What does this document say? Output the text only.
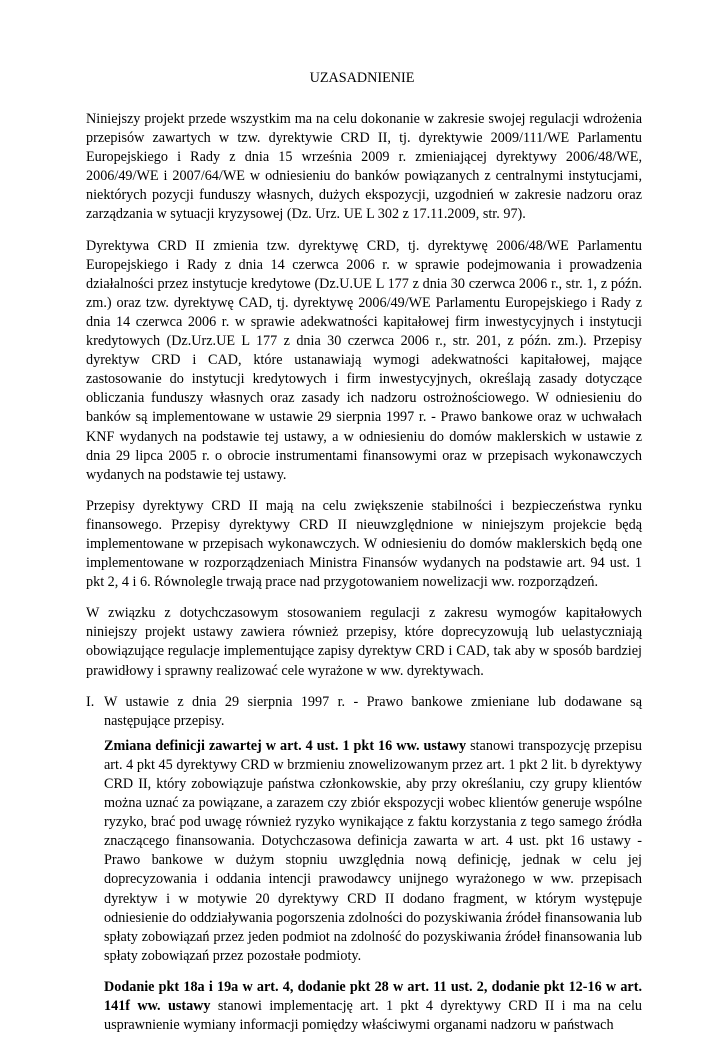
UZASADNIENIE

Niniejszy projekt przede wszystkim ma na celu dokonanie w zakresie swojej regulacji wdrożenia przepisów zawartych w tzw. dyrektywie CRD II, tj. dyrektywie 2009/111/WE Parlamentu Europejskiego i Rady z dnia 15 września 2009 r. zmieniającej dyrektywy 2006/48/WE, 2006/49/WE i 2007/64/WE w odniesieniu do banków powiązanych z centralnymi instytucjami, niektórych pozycji funduszy własnych, dużych ekspozycji, uzgodnień w zakresie nadzoru oraz zarządzania w sytuacji kryzysowej (Dz. Urz. UE L 302 z 17.11.2009, str. 97).

Dyrektywa CRD II zmienia tzw. dyrektywę CRD, tj. dyrektywę 2006/48/WE Parlamentu Europejskiego i Rady z dnia 14 czerwca 2006 r. w sprawie podejmowania i prowadzenia działalności przez instytucje kredytowe (Dz.U.UE L 177 z dnia 30 czerwca 2006 r., str. 1, z późn. zm.) oraz tzw. dyrektywę CAD, tj. dyrektywę 2006/49/WE Parlamentu Europejskiego i Rady z dnia 14 czerwca 2006 r. w sprawie adekwatności kapitałowej firm inwestycyjnych i instytucji kredytowych (Dz.Urz.UE L 177 z dnia 30 czerwca 2006 r., str. 201, z późn. zm.). Przepisy dyrektyw CRD i CAD, które ustanawiają wymogi adekwatności kapitałowej, mające zastosowanie do instytucji kredytowych i firm inwestycyjnych, określają zasady dotyczące obliczania funduszy własnych oraz zasady ich nadzoru ostrożnościowego. W odniesieniu do banków są implementowane w ustawie 29 sierpnia 1997 r. - Prawo bankowe oraz w uchwałach KNF wydanych na podstawie tej ustawy, a w odniesieniu do domów maklerskich w ustawie z dnia 29 lipca 2005 r. o obrocie instrumentami finansowymi oraz w przepisach wykonawczych wydanych na podstawie tej ustawy.

Przepisy dyrektywy CRD II mają na celu zwiększenie stabilności i bezpieczeństwa rynku finansowego. Przepisy dyrektywy CRD II nieuwzględnione w niniejszym projekcie będą implementowane w przepisach wykonawczych. W odniesieniu do domów maklerskich będą one implementowane w rozporządzeniach Ministra Finansów wydanych na podstawie art. 94 ust. 1 pkt 2, 4 i 6. Równolegle trwają prace nad przygotowaniem nowelizacji ww. rozporządzeń.

W związku z dotychczasowym stosowaniem regulacji z zakresu wymogów kapitałowych niniejszy projekt ustawy zawiera również przepisy, które doprecyzowują lub uelastyczniają obowiązujące regulacje implementujące zapisy dyrektyw CRD i CAD, tak aby w sposób bardziej prawidłowy i sprawny realizować cele wyrażone w ww. dyrektywach.

I. W ustawie z dnia 29 sierpnia 1997 r. - Prawo bankowe zmieniane lub dodawane są następujące przepisy.

Zmiana definicji zawartej w art. 4 ust. 1 pkt 16 ww. ustawy stanowi transpozycję przepisu art. 4 pkt 45 dyrektywy CRD w brzmieniu znowelizowanym przez art. 1 pkt 2 lit. b dyrektywy CRD II, który zobowiązuje państwa członkowskie, aby przy określaniu, czy grupy klientów można uznać za powiązane, a zarazem czy zbiór ekspozycji wobec klientów generuje wspólne ryzyko, brać pod uwagę również ryzyko wynikające z faktu korzystania z tego samego źródła znaczącego finansowania. Dotychczasowa definicja zawarta w art. 4 ust. pkt 16 ustawy - Prawo bankowe w dużym stopniu uwzględnia nową definicję, jednak w celu jej doprecyzowania i oddania intencji prawodawcy unijnego wyrażonego w ww. przepisach dyrektyw i w motywie 20 dyrektywy CRD II dodano fragment, w którym występuje odniesienie do oddziaływania pogorszenia zdolności do pozyskiwania źródeł finansowania lub spłaty zobowiązań przez jeden podmiot na zdolność do pozyskiwania źródeł finansowania lub spłaty zobowiązań przez pozostałe podmioty.

Dodanie pkt 18a i 19a w art. 4, dodanie pkt 28 w art. 11 ust. 2, dodanie pkt 12-16 w art. 141f ww. ustawy stanowi implementację art. 1 pkt 4 dyrektywy CRD II i ma na celu usprawnienie wymiany informacji pomiędzy właściwymi organami nadzoru w państwach
